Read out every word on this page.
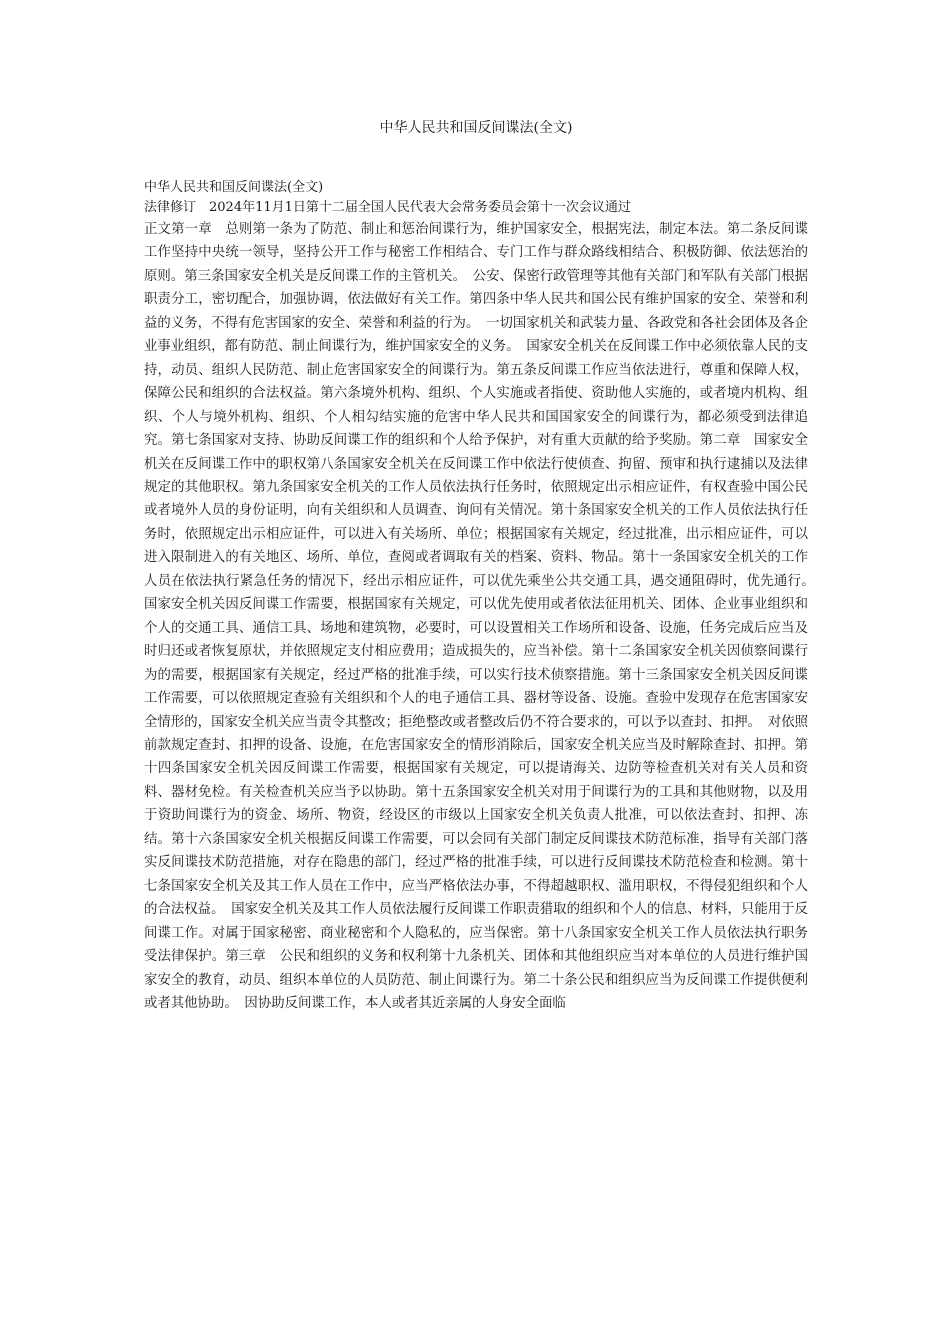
中华人民共和国反间谍法(全文)
中华人民共和国反间谍法(全文)
法律修订　2024年11月1日第十二届全国人民代表大会常务委员会第十一次会议通过

正文第一章　总则第一条为了防范、制止和惩治间谍行为，维护国家安全，根据宪法，制定本法。第二条反间谍工作坚持中央统一领导，坚持公开工作与秘密工作相结合、专门工作与群众路线相结合、积极防御、依法惩治的原则。第三条国家安全机关是反间谍工作的主管机关。　公安、保密行政管理等其他有关部门和军队有关部门根据职责分工，密切配合，加强协调，依法做好有关工作。第四条中华人民共和国公民有维护国家的安全、荣誉和利益的义务，不得有危害国家的安全、荣誉和利益的行为。　一切国家机关和武装力量、各政党和各社会团体及各企业事业组织，都有防范、制止间谍行为，维护国家安全的义务。　国家安全机关在反间谍工作中必须依靠人民的支持，动员、组织人民防范、制止危害国家安全的间谍行为。第五条反间谍工作应当依法进行，尊重和保障人权，保障公民和组织的合法权益。第六条境外机构、组织、个人实施或者指使、资助他人实施的，或者境内机构、组织、个人与境外机构、组织、个人相勾结实施的危害中华人民共和国国家安全的间谍行为，都必须受到法律追究。第七条国家对支持、协助反间谍工作的组织和个人给予保护，对有重大贡献的给予奖励。第二章　国家安全机关在反间谍工作中的职权第八条国家安全机关在反间谍工作中依法行使侦查、拘留、预审和执行逮捕以及法律规定的其他职权。第九条国家安全机关的工作人员依法执行任务时，依照规定出示相应证件，有权查验中国公民或者境外人员的身份证明，向有关组织和人员调查、询问有关情况。第十条国家安全机关的工作人员依法执行任务时，依照规定出示相应证件，可以进入有关场所、单位；根据国家有关规定，经过批准，出示相应证件，可以进入限制进入的有关地区、场所、单位，查阅或者调取有关的档案、资料、物品。第十一条国家安全机关的工作人员在依法执行紧急任务的情况下，经出示相应证件，可以优先乘坐公共交通工具，遇交通阻碍时，优先通行。　国家安全机关因反间谍工作需要，根据国家有关规定，可以优先使用或者依法征用机关、团体、企业事业组织和个人的交通工具、通信工具、场地和建筑物，必要时，可以设置相关工作场所和设备、设施，任务完成后应当及时归还或者恢复原状，并依照规定支付相应费用；造成损失的，应当补偿。第十二条国家安全机关因侦察间谍行为的需要，根据国家有关规定，经过严格的批准手续，可以实行技术侦察措施。第十三条国家安全机关因反间谍工作需要，可以依照规定查验有关组织和个人的电子通信工具、器材等设备、设施。查验中发现存在危害国家安全情形的，国家安全机关应当责令其整改；拒绝整改或者整改后仍不符合要求的，可以予以查封、扣押。　对依照前款规定查封、扣押的设备、设施，在危害国家安全的情形消除后，国家安全机关应当及时解除查封、扣押。第十四条国家安全机关因反间谍工作需要，根据国家有关规定，可以提请海关、边防等检查机关对有关人员和资料、器材免检。有关检查机关应当予以协助。第十五条国家安全机关对用于间谍行为的工具和其他财物，以及用于资助间谍行为的资金、场所、物资，经设区的市级以上国家安全机关负责人批准，可以依法查封、扣押、冻结。第十六条国家安全机关根据反间谍工作需要，可以会同有关部门制定反间谍技术防范标准，指导有关部门落实反间谍技术防范措施，对存在隐患的部门，经过严格的批准手续，可以进行反间谍技术防范检查和检测。第十七条国家安全机关及其工作人员在工作中，应当严格依法办事，不得超越职权、滥用职权，不得侵犯组织和个人的合法权益。　国家安全机关及其工作人员依法履行反间谍工作职责猎取的组织和个人的信息、材料，只能用于反间谍工作。对属于国家秘密、商业秘密和个人隐私的，应当保密。第十八条国家安全机关工作人员依法执行职务受法律保护。第三章　公民和组织的义务和权利第十九条机关、团体和其他组织应当对本单位的人员进行维护国家安全的教育，动员、组织本单位的人员防范、制止间谍行为。第二十条公民和组织应当为反间谍工作提供便利或者其他协助。　因协助反间谍工作，本人或者其近亲属的人身安全面临
